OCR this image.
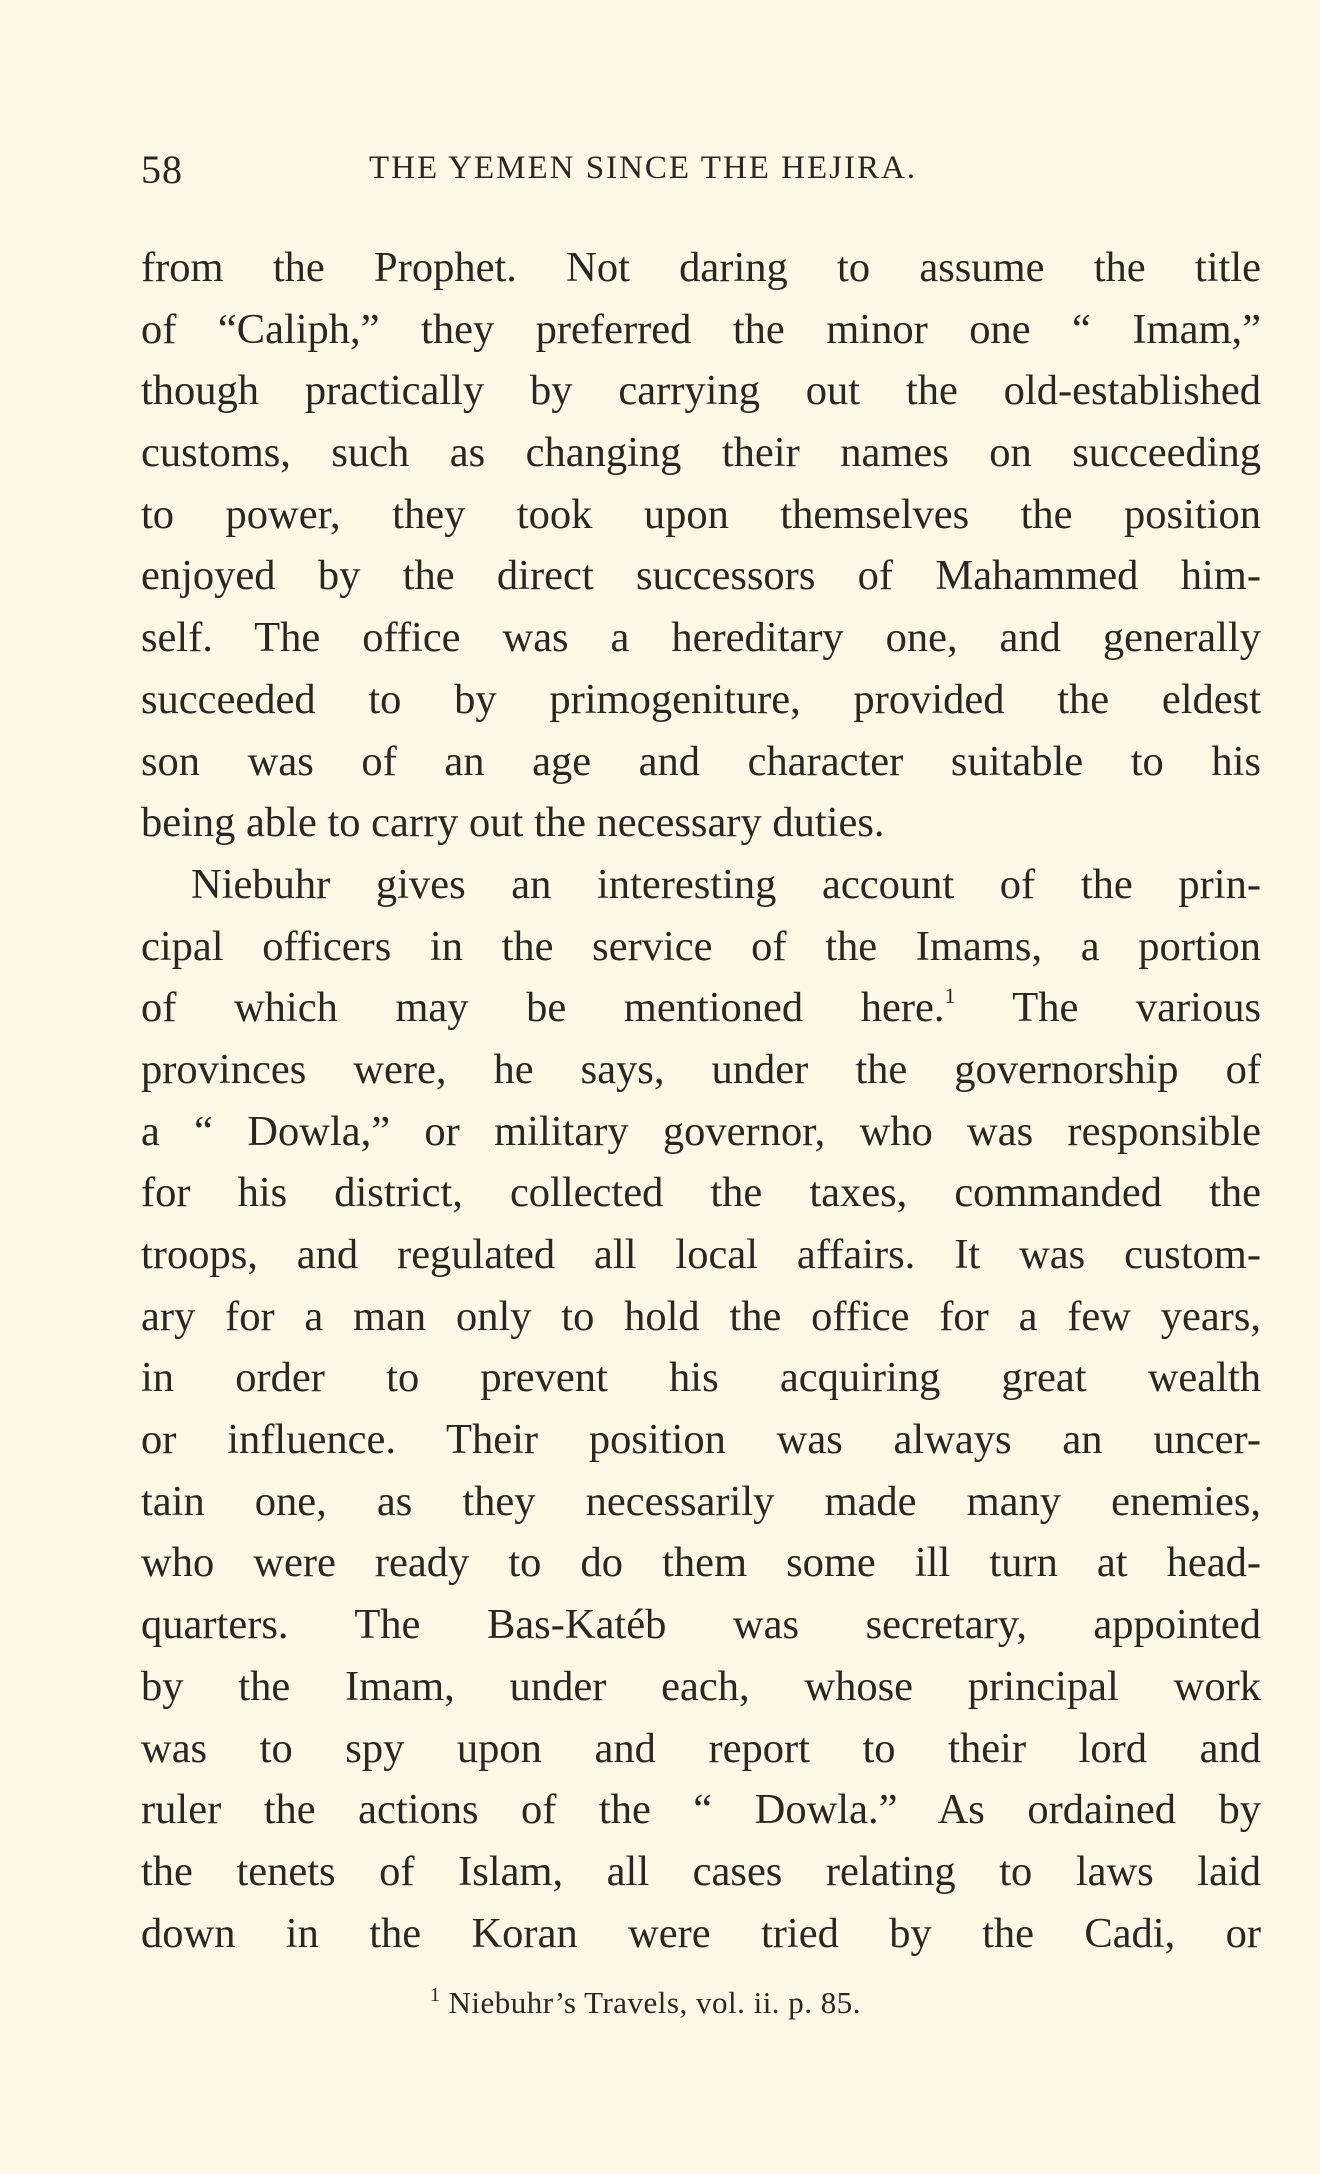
58	THE YEMEN SINCE THE HEJIRA.
from the Prophet. Not daring to assume the title
of “Caliph,” they preferred the minor one “ Imam,”
though practically by carrying out the old-established
customs, such as changing their names on succeeding
to power, they took upon themselves the position
enjoyed by the direct successors of Mahammed him-
self. The office was a hereditary one, and generally
succeeded to by primogeniture, provided the eldest
son was of an age and character suitable to his
being able to carry out the necessary duties.
Niebuhr gives an interesting account of the prin-
cipal officers in the service of the Imams, a portion
of which may be mentioned here.$^1$ The various
provinces were, he says, under the governorship of
a “ Dowla,” or military governor, who was responsible
for his district, collected the taxes, commanded the
troops, and regulated all local affairs. It was custom-
ary for a man only to hold the office for a few years,
in order to prevent his acquiring great wealth
or influence. Their position was always an uncer-
tain one, as they necessarily made many enemies,
who were ready to do them some ill turn at head-
quarters. The Bas-Katéb was secretary, appointed
by the Imam, under each, whose principal work
was to spy upon and report to their lord and
ruler the actions of the “ Dowla.” As ordained by
the tenets of Islam, all cases relating to laws laid
down in the Koran were tried by the Cadi, or
$^1$ Niebuhr’s Travels, vol. ii. p. 85.
